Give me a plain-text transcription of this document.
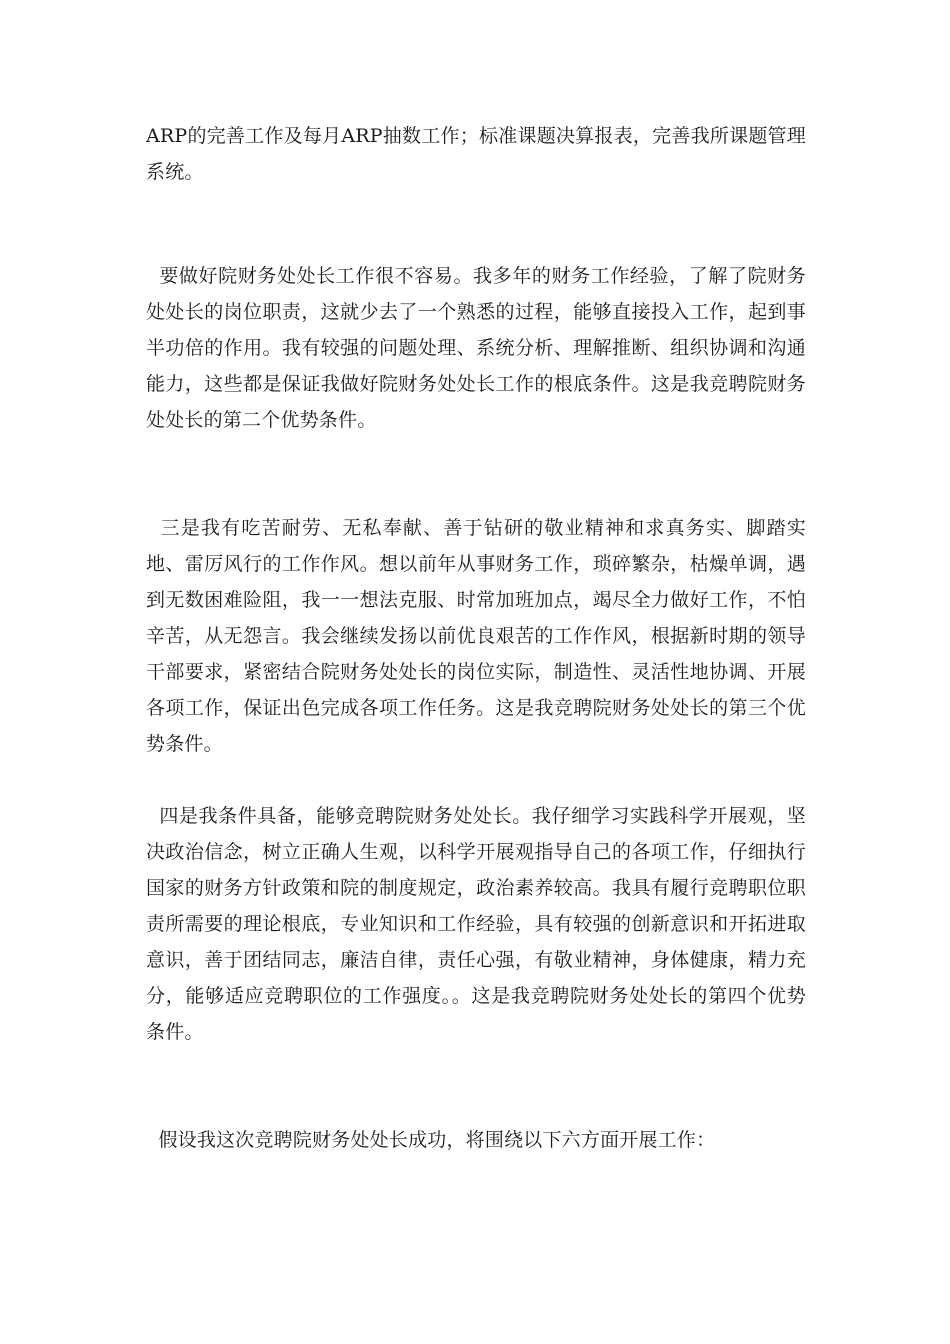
ARP的完善工作及每月ARP抽数工作；标准课题决算报表，完善我所课题管理系统。

要做好院财务处处长工作很不容易。我多年的财务工作经验，了解了院财务处处长的岗位职责，这就少去了一个熟悉的过程，能够直接投入工作，起到事半功倍的作用。我有较强的问题处理、系统分析、理解推断、组织协调和沟通能力，这些都是保证我做好院财务处处长工作的根底条件。这是我竞聘院财务处处长的第二个优势条件。

三是我有吃苦耐劳、无私奉献、善于钻研的敬业精神和求真务实、脚踏实地、雷厉风行的工作作风。想以前年从事财务工作，琐碎繁杂，枯燥单调，遇到无数困难险阻，我一一想法克服、时常加班加点，竭尽全力做好工作，不怕辛苦，从无怨言。我会继续发扬以前优良艰苦的工作作风，根据新时期的领导干部要求，紧密结合院财务处处长的岗位实际，制造性、灵活性地协调、开展各项工作，保证出色完成各项工作任务。这是我竞聘院财务处处长的第三个优势条件。

四是我条件具备，能够竞聘院财务处处长。我仔细学习实践科学开展观，坚决政治信念，树立正确人生观，以科学开展观指导自己的各项工作，仔细执行国家的财务方针政策和院的制度规定，政治素养较高。我具有履行竞聘职位职责所需要的理论根底，专业知识和工作经验，具有较强的创新意识和开拓进取意识，善于团结同志，廉洁自律，责任心强，有敬业精神，身体健康，精力充分，能够适应竞聘职位的工作强度。。这是我竞聘院财务处处长的第四个优势条件。

假设我这次竞聘院财务处处长成功，将围绕以下六方面开展工作：
